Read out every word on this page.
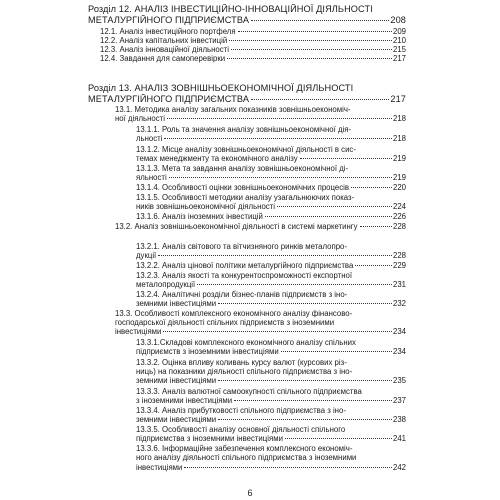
Розділ 12. АНАЛІЗ ІНВЕСТИЦІЙНО-ІННОВАЦІЙНОЇ ДІЯЛЬНОСТІ
МЕТАЛУРГІЙНОГО ПІДПРИЄМСТВА	208
12.1. Аналіз інвестиційного портфеля	209
12.2. Аналіз капітальних інвестицій	210
12.3. Аналіз інноваційної діяльності	215
12.4. Завдання для самоперевірки	217
Розділ 13. АНАЛІЗ ЗОВНІШНЬОЕКОНОМІЧНОЇ ДІЯЛЬНОСТІ
МЕТАЛУРГІЙНОГО ПІДПРИЄМСТВА	217
13.1. Методика аналізу загальних показників зовнішньоекономіч-
ної діяльності	218
13.1.1. Роль та значення аналізу зовнішньоекономічної дія-
льності	218
13.1.2. Місце аналізу зовнішньоекономічної діяльності в сис-
темах менеджменту та економічного аналізу	219
13.1.3. Мета та завдання аналізу зовнішньоекономічної ді-
яльності	219
13.1.4. Особливості оцінки зовнішньоекономічних процесів	220
13.1.5. Особливості методики аналізу узагальнюючих показ-
ників зовнішньоекономічної діяльності	224
13.1.6. Аналіз іноземних інвестицій	226
13.2. Аналіз зовнішньоекономічної діяльності в системі маркетингу	228
13.2.1. Аналіз світового та вітчизняного ринків металопро-
дукції	228
13.2.2. Аналіз цінової політики металургійного підприємства	229
13.2.3. Аналіз якості та конкурентоспроможності експортної
металопродукції	231
13.2.4. Аналітичні розділи бізнес-планів підприємств з іно-
земними інвестиціями	232
13.3. Особливості комплексного економічного аналізу фінансово-
господарської діяльності спільних підприємств з іноземними
інвестиціями	234
13.3.1.Складові комплексного економічного аналізу спільних
підприємств з іноземними інвестиціями	234
13.3.2. Оцінка впливу коливань курсу валют (курсових різ-
ниць) на показники діяльності спільного підприємства з іно-
земними інвестиціями	235
13.3.3. Аналіз валютної самоокупності спільного підприємства
з іноземними інвестиціями	237
13.3.4. Аналіз прибутковості спільного підприємства з іно-
земними інвестиціями	238
13.3.5. Особливості аналізу основної діяльності спільного
підприємства з іноземними інвестиціями	241
13.3.6. Інформаційне забезпечення комплексного економіч-
ного аналізу діяльності спільного підприємства з іноземними
інвестиціями	242
6
